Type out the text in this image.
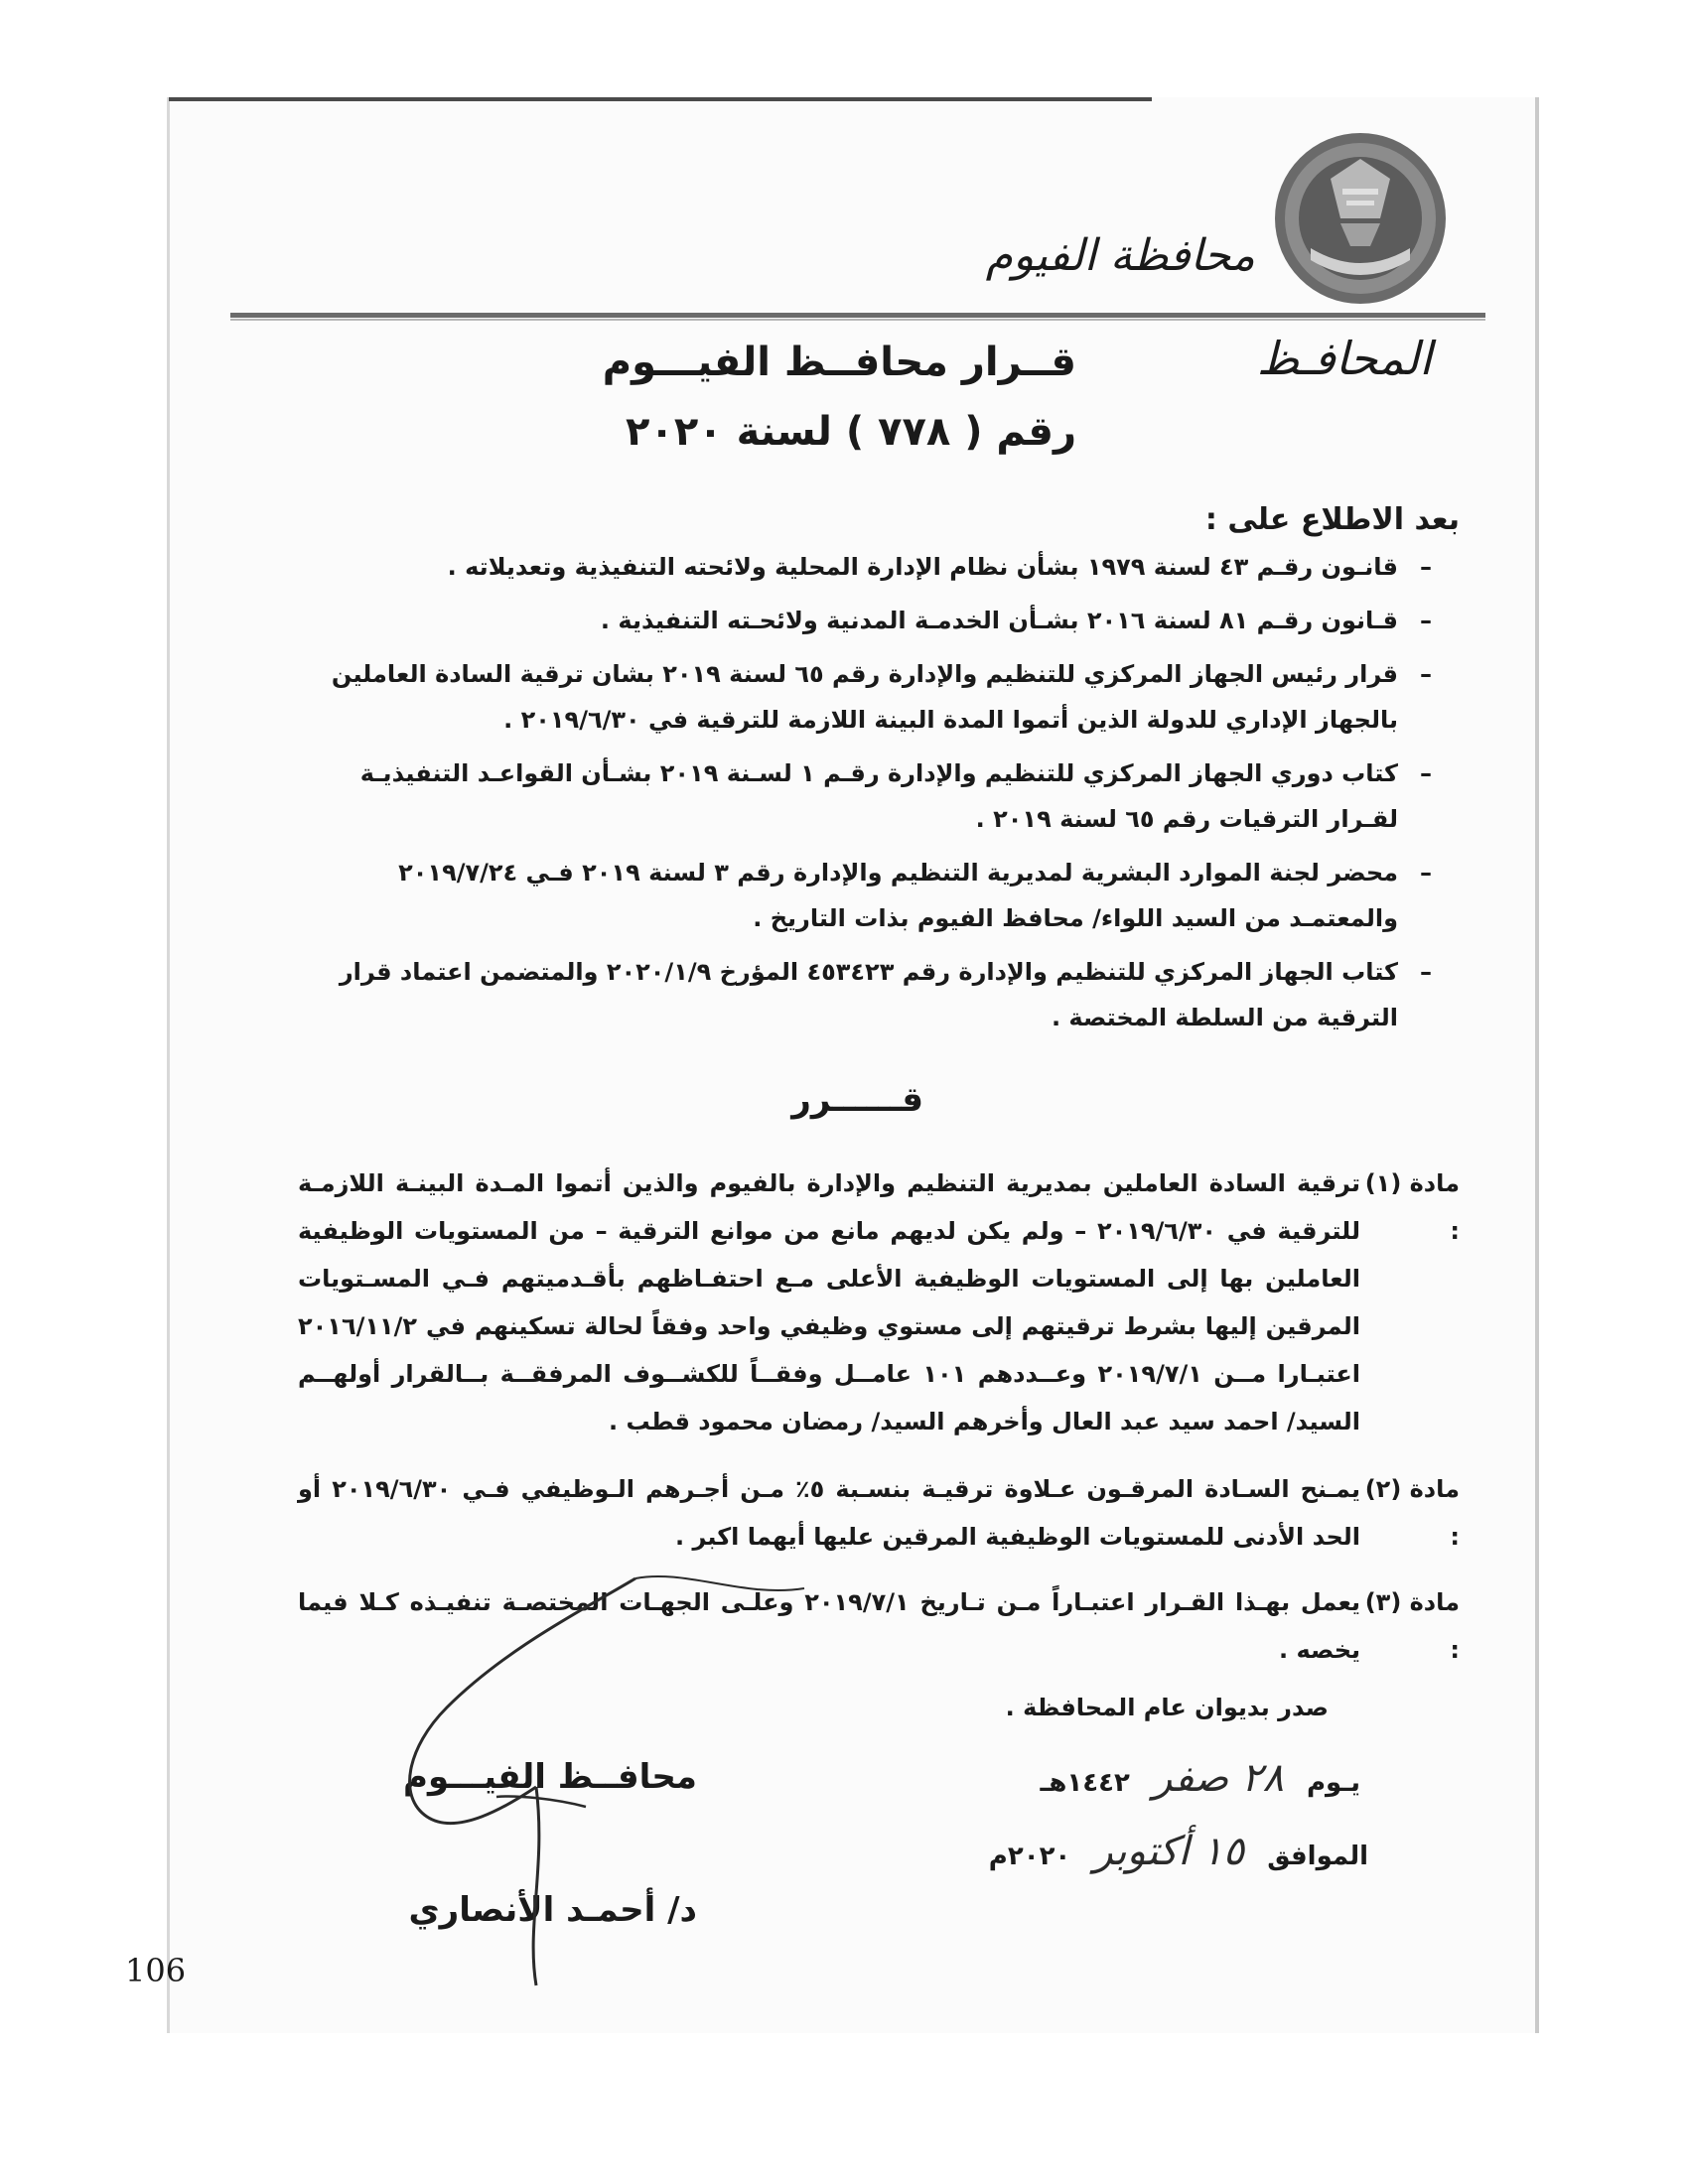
محافظة الفيوم
المحافـظ
قــرار محافــظ الفيـــوم
رقم ( ٧٧٨ ) لسنة ٢٠٢٠
بعد الاطلاع على :
–
قانـون رقـم ٤٣ لسنة ١٩٧٩ بشأن نظام الإدارة المحلية ولائحته التنفيذية وتعديلاته .
–
قـانون رقـم ٨١ لسنة ٢٠١٦ بشـأن الخدمـة المدنية ولائحـته التنفيذية .
–
قرار رئيس الجهاز المركزي للتنظيم والإدارة رقم ٦٥ لسنة ٢٠١٩ بشان ترقية السادة العاملين بالجهاز الإداري للدولة الذين أتموا المدة البينة اللازمة للترقية في ٢٠١٩/٦/٣٠ .
–
كتاب دوري الجهاز المركزي للتنظيم والإدارة رقـم ١ لسـنة ٢٠١٩ بشـأن القواعـد التنفيذيـة لقـرار الترقيات رقم ٦٥ لسنة ٢٠١٩ .
–
محضر لجنة الموارد البشرية لمديرية التنظيم والإدارة رقم ٣ لسنة ٢٠١٩ فـي ٢٠١٩/٧/٢٤ والمعتمـد من السيد اللواء/ محافظ الفيوم بذات التاريخ .
–
كتاب الجهاز المركزي للتنظيم والإدارة رقم ٤٥٣٤٢٣ المؤرخ ٢٠٢٠/١/٩ والمتضمن اعتماد قرار الترقية من السلطة المختصة .
قــــــرر
مادة (١) :
ترقية السادة العاملين بمديرية التنظيم والإدارة بالفيوم والذين أتموا المـدة البينـة اللازمـة للترقية في ٢٠١٩/٦/٣٠ – ولم يكن لديهم مانع من موانع الترقية – من المستويات الوظيفية العاملين بها إلى المستويات الوظيفية الأعلى مـع احتفـاظهم بأقـدميتهم فـي المسـتويات المرقين إليها بشرط ترقيتهم إلى مستوي وظيفي واحد وفقاً لحالة تسكينهم في ٢٠١٦/١١/٢ اعتبـارا مــن ٢٠١٩/٧/١ وعــددهم ١٠١ عامــل وفقــاً للكشــوف المرفقــة بــالقرار أولهــم السيد/ احمد سيد عبد العال وأخرهم السيد/ رمضان محمود قطب .
مادة (٢) :
يمـنح السـادة المرقـون عـلاوة ترقيـة بنسـبة ٥٪ مـن أجـرهم الـوظيفي فـي ٢٠١٩/٦/٣٠ أو الحد الأدنى للمستويات الوظيفية المرقين عليها أيهما اكبر .
مادة (٣) :
يعمل بهـذا القـرار اعتبـاراً مـن تـاريخ ٢٠١٩/٧/١ وعلـى الجهـات المختصـة تنفيـذه كـلا فيما يخصه .
صدر بديوان عام المحافظة .
يـوم ٢٨ صفر ١٤٤٢هـ
الموافق ١٥ أكتوبر ٢٠٢٠م
محافــظ الفيـــوم
د/ أحمـد الأنصاري
106
